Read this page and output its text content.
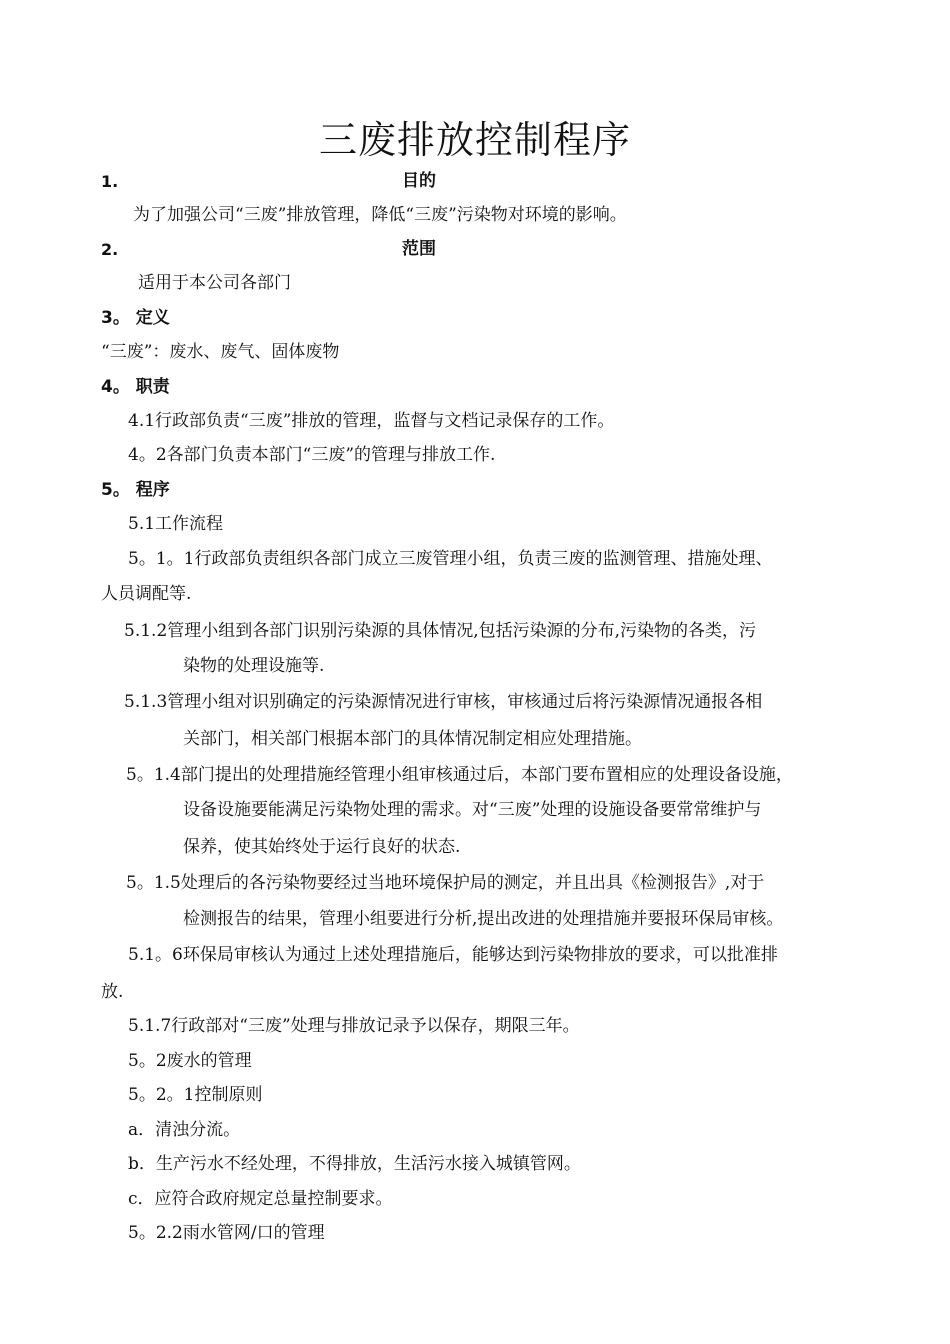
三废排放控制程序
1.	目的
为了加强公司“三废”排放管理，降低“三废”污染物对环境的影响。
2.	范围
适用于本公司各部门
3。 定义
“三废”：废水、废气、固体废物
4。 职责
4.1行政部负责“三废”排放的管理，监督与文档记录保存的工作。
4。2各部门负责本部门“三废”的管理与排放工作.
5。 程序
5.1工作流程
5。1。1行政部负责组织各部门成立三废管理小组，负责三废的监测管理、措施处理、
人员调配等.
5.1.2管理小组到各部门识别污染源的具体情况,包括污染源的分布,污染物的各类，污
染物的处理设施等.
5.1.3管理小组对识别确定的污染源情况进行审核，审核通过后将污染源情况通报各相
关部门，相关部门根据本部门的具体情况制定相应处理措施。
5。1.4部门提出的处理措施经管理小组审核通过后，本部门要布置相应的处理设备设施，
设备设施要能满足污染物处理的需求。对“三废”处理的设施设备要常常维护与
保养，使其始终处于运行良好的状态.
5。1.5处理后的各污染物要经过当地环境保护局的测定，并且出具《检测报告》,对于
检测报告的结果，管理小组要进行分析,提出改进的处理措施并要报环保局审核。
5.1。6环保局审核认为通过上述处理措施后，能够达到污染物排放的要求，可以批准排
放.
5.1.7行政部对“三废”处理与排放记录予以保存，期限三年。
5。2废水的管理
5。2。1控制原则
a．清浊分流。
b．生产污水不经处理，不得排放，生活污水接入城镇管网。
c．应符合政府规定总量控制要求。
5。2.2雨水管网/口的管理
